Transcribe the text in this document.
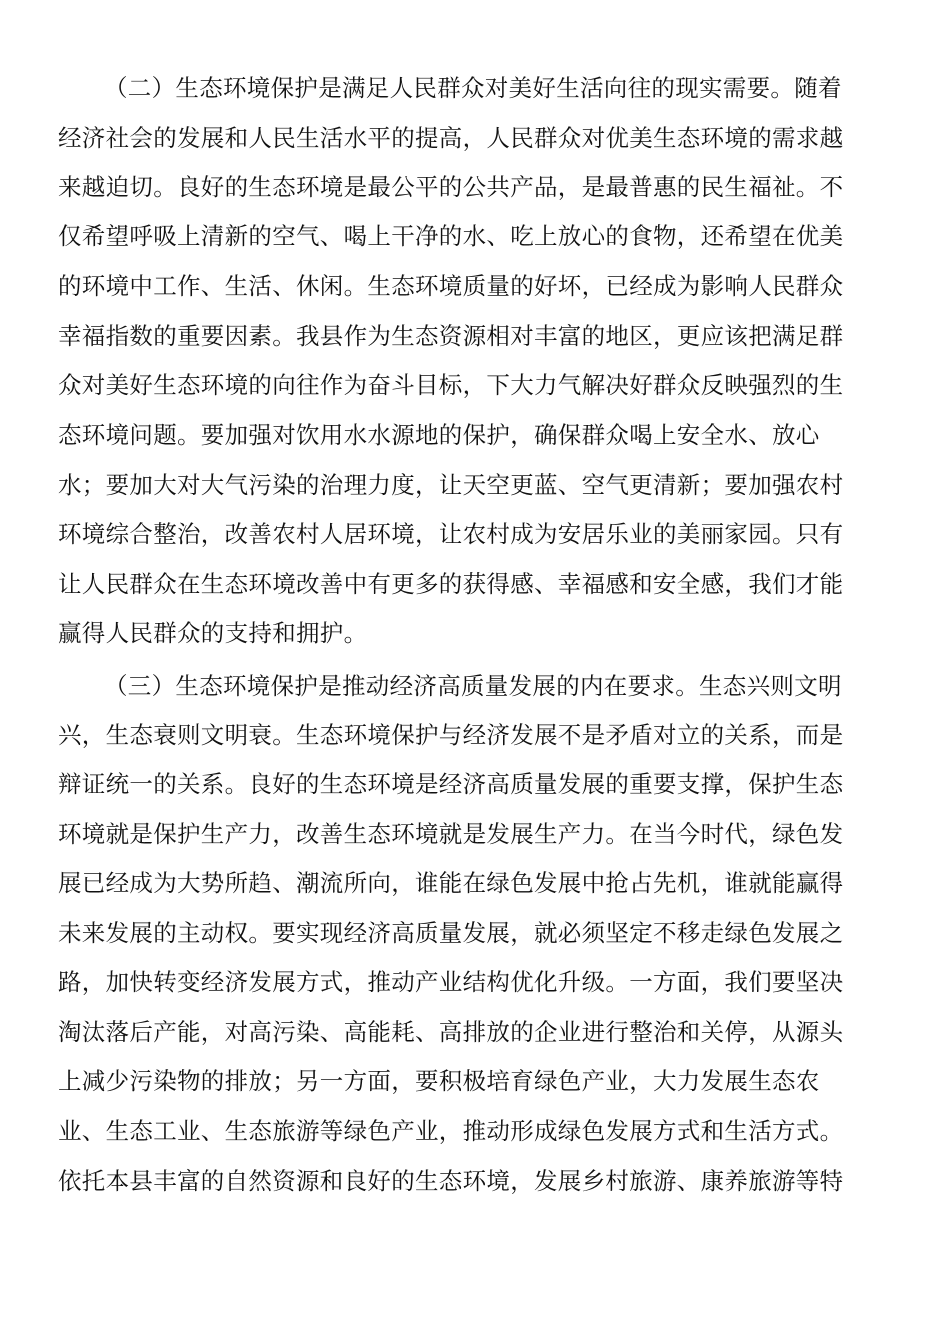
（二）生态环境保护是满足人民群众对美好生活向往的现实需要。随着
经济社会的发展和人民生活水平的提高，人民群众对优美生态环境的需求越
来越迫切。良好的生态环境是最公平的公共产品，是最普惠的民生福祉。不
仅希望呼吸上清新的空气、喝上干净的水、吃上放心的食物，还希望在优美
的环境中工作、生活、休闲。生态环境质量的好坏，已经成为影响人民群众
幸福指数的重要因素。我县作为生态资源相对丰富的地区，更应该把满足群
众对美好生态环境的向往作为奋斗目标，下大力气解决好群众反映强烈的生
态环境问题。要加强对饮用水水源地的保护，确保群众喝上安全水、放心
水；要加大对大气污染的治理力度，让天空更蓝、空气更清新；要加强农村
环境综合整治，改善农村人居环境，让农村成为安居乐业的美丽家园。只有
让人民群众在生态环境改善中有更多的获得感、幸福感和安全感，我们才能
赢得人民群众的支持和拥护。
（三）生态环境保护是推动经济高质量发展的内在要求。生态兴则文明
兴，生态衰则文明衰。生态环境保护与经济发展不是矛盾对立的关系，而是
辩证统一的关系。良好的生态环境是经济高质量发展的重要支撑，保护生态
环境就是保护生产力，改善生态环境就是发展生产力。在当今时代，绿色发
展已经成为大势所趋、潮流所向，谁能在绿色发展中抢占先机，谁就能赢得
未来发展的主动权。要实现经济高质量发展，就必须坚定不移走绿色发展之
路，加快转变经济发展方式，推动产业结构优化升级。一方面，我们要坚决
淘汰落后产能，对高污染、高能耗、高排放的企业进行整治和关停，从源头
上减少污染物的排放；另一方面，要积极培育绿色产业，大力发展生态农
业、生态工业、生态旅游等绿色产业，推动形成绿色发展方式和生活方式。
依托本县丰富的自然资源和良好的生态环境，发展乡村旅游、康养旅游等特
